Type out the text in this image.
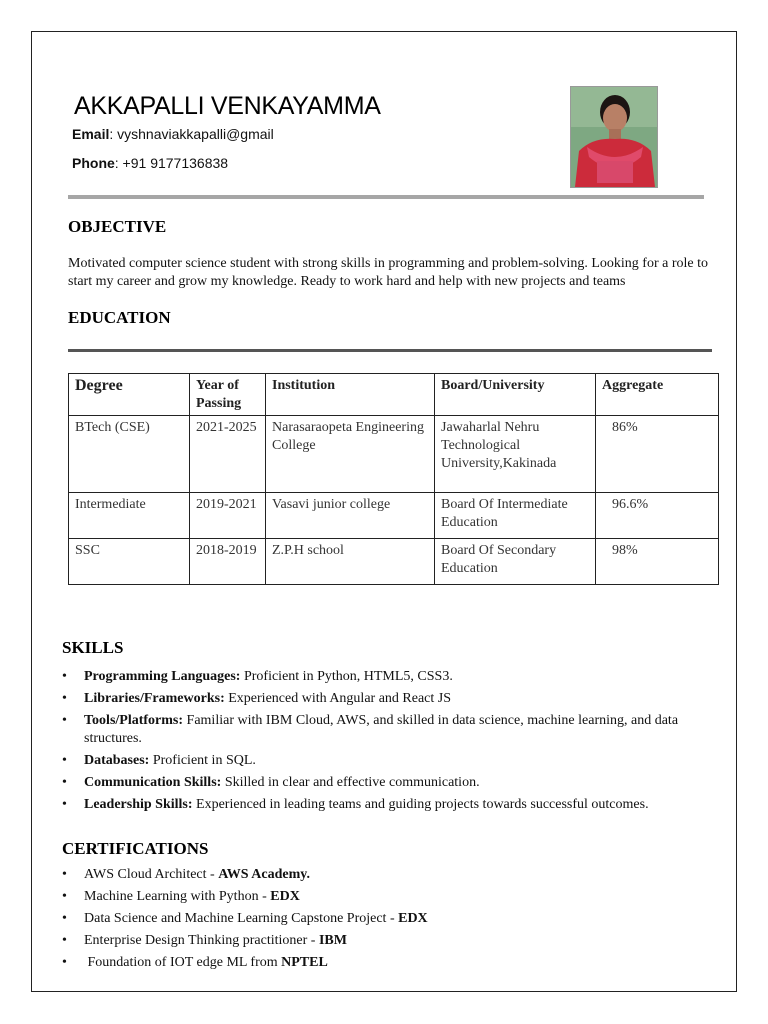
AKKAPALLI VENKAYAMMA
Email: vyshnaviakkapalli@gmail
Phone: +91 9177136838
OBJECTIVE
Motivated computer science student with strong skills in programming and problem-solving. Looking for a role to start my career and grow my knowledge. Ready to work hard and help with new projects and teams
EDUCATION
Degree	Year of Passing	Institution	Board/University	Aggregate
BTech (CSE)	2021-2025	Narasaraopeta Engineering College	Jawaharlal Nehru Technological University,Kakinada	86%
Intermediate	2019-2021	Vasavi junior college	Board Of Intermediate Education	96.6%
SSC	2018-2019	Z.P.H school	Board Of Secondary Education	98%
SKILLS
• Programming Languages: Proficient in Python, HTML5, CSS3.
• Libraries/Frameworks: Experienced with Angular and React JS
• Tools/Platforms: Familiar with IBM Cloud, AWS, and skilled in data science, machine learning, and data structures.
• Databases: Proficient in SQL.
• Communication Skills: Skilled in clear and effective communication.
• Leadership Skills: Experienced in leading teams and guiding projects towards successful outcomes.
CERTIFICATIONS
• AWS Cloud Architect - AWS Academy.
• Machine Learning with Python - EDX
• Data Science and Machine Learning Capstone Project - EDX
• Enterprise Design Thinking practitioner - IBM
•  Foundation of IOT edge ML from NPTEL
